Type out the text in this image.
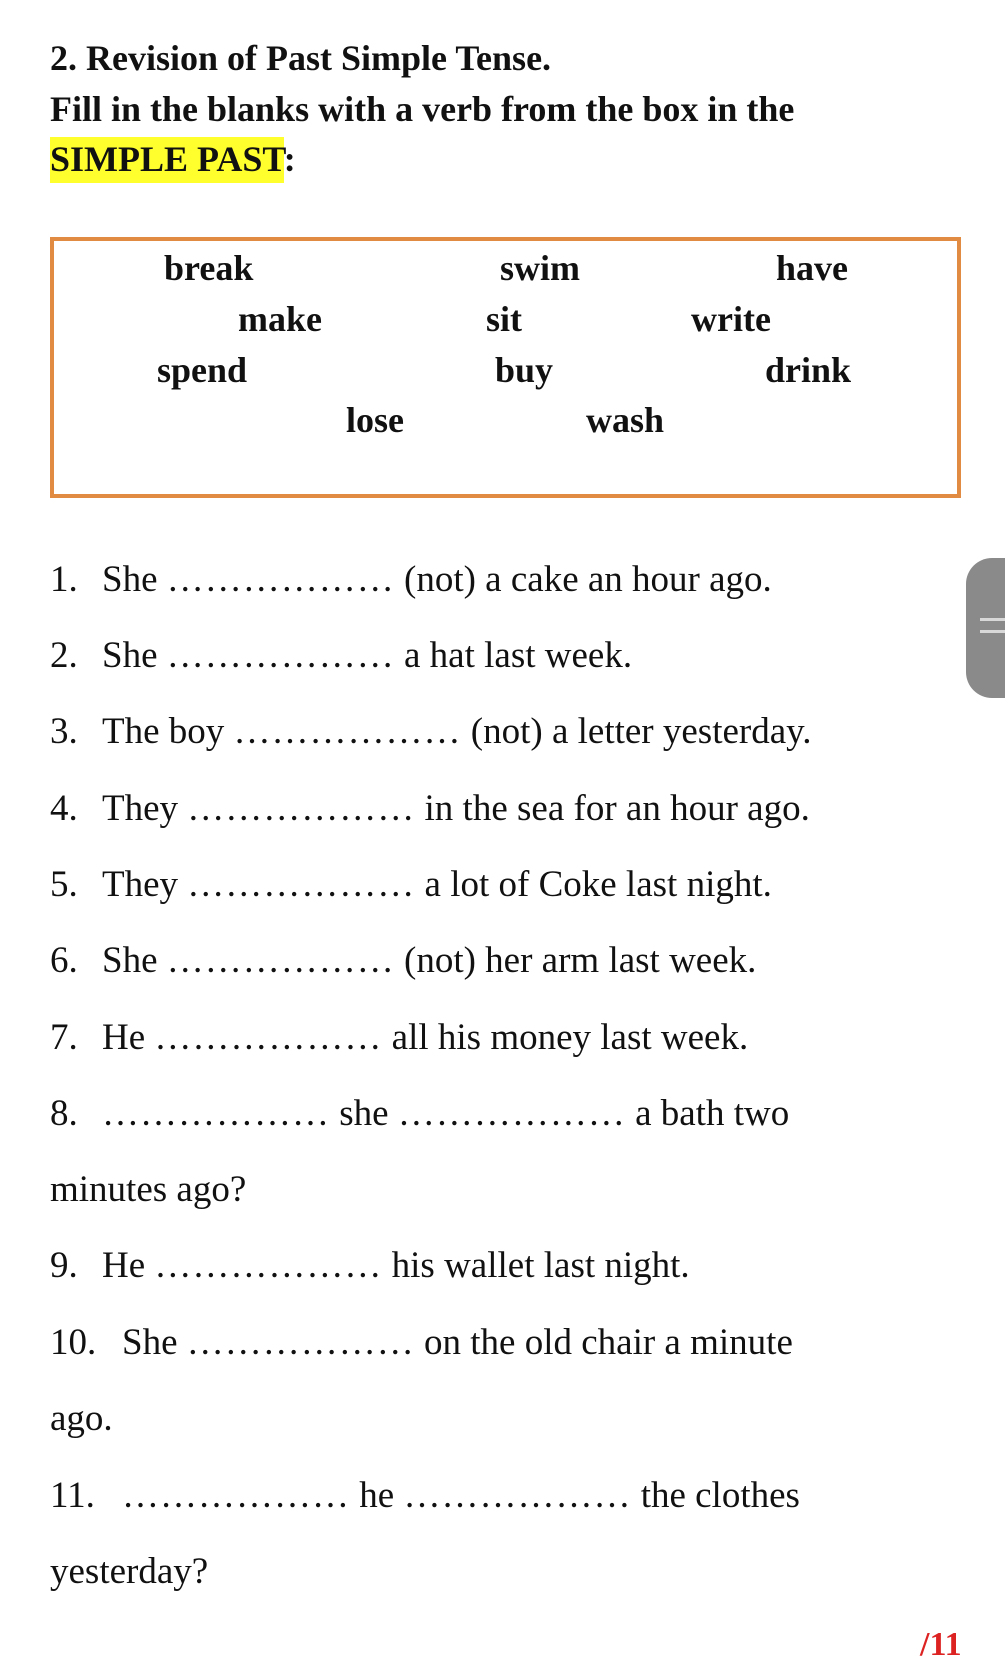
2. Revision of Past Simple Tense.
Fill in the blanks with a verb from the box in the
SIMPLE PAST:
break	swim	have
make	sit	write
spend	buy	drink
lose	wash
1. She ……………… (not) a cake an hour ago.
2. She ……………… a hat last week.
3. The boy ……………… (not) a letter yesterday.
4. They ……………… in the sea for an hour ago.
5. They ……………… a lot of Coke last night.
6. She ……………… (not) her arm last week.
7. He ……………… all his money last week.
8. ……………… she ……………… a bath two
minutes ago?
9. He ……………… his wallet last night.
10. She ……………… on the old chair a minute
ago.
11. ……………… he ……………… the clothes
yesterday?
/11
